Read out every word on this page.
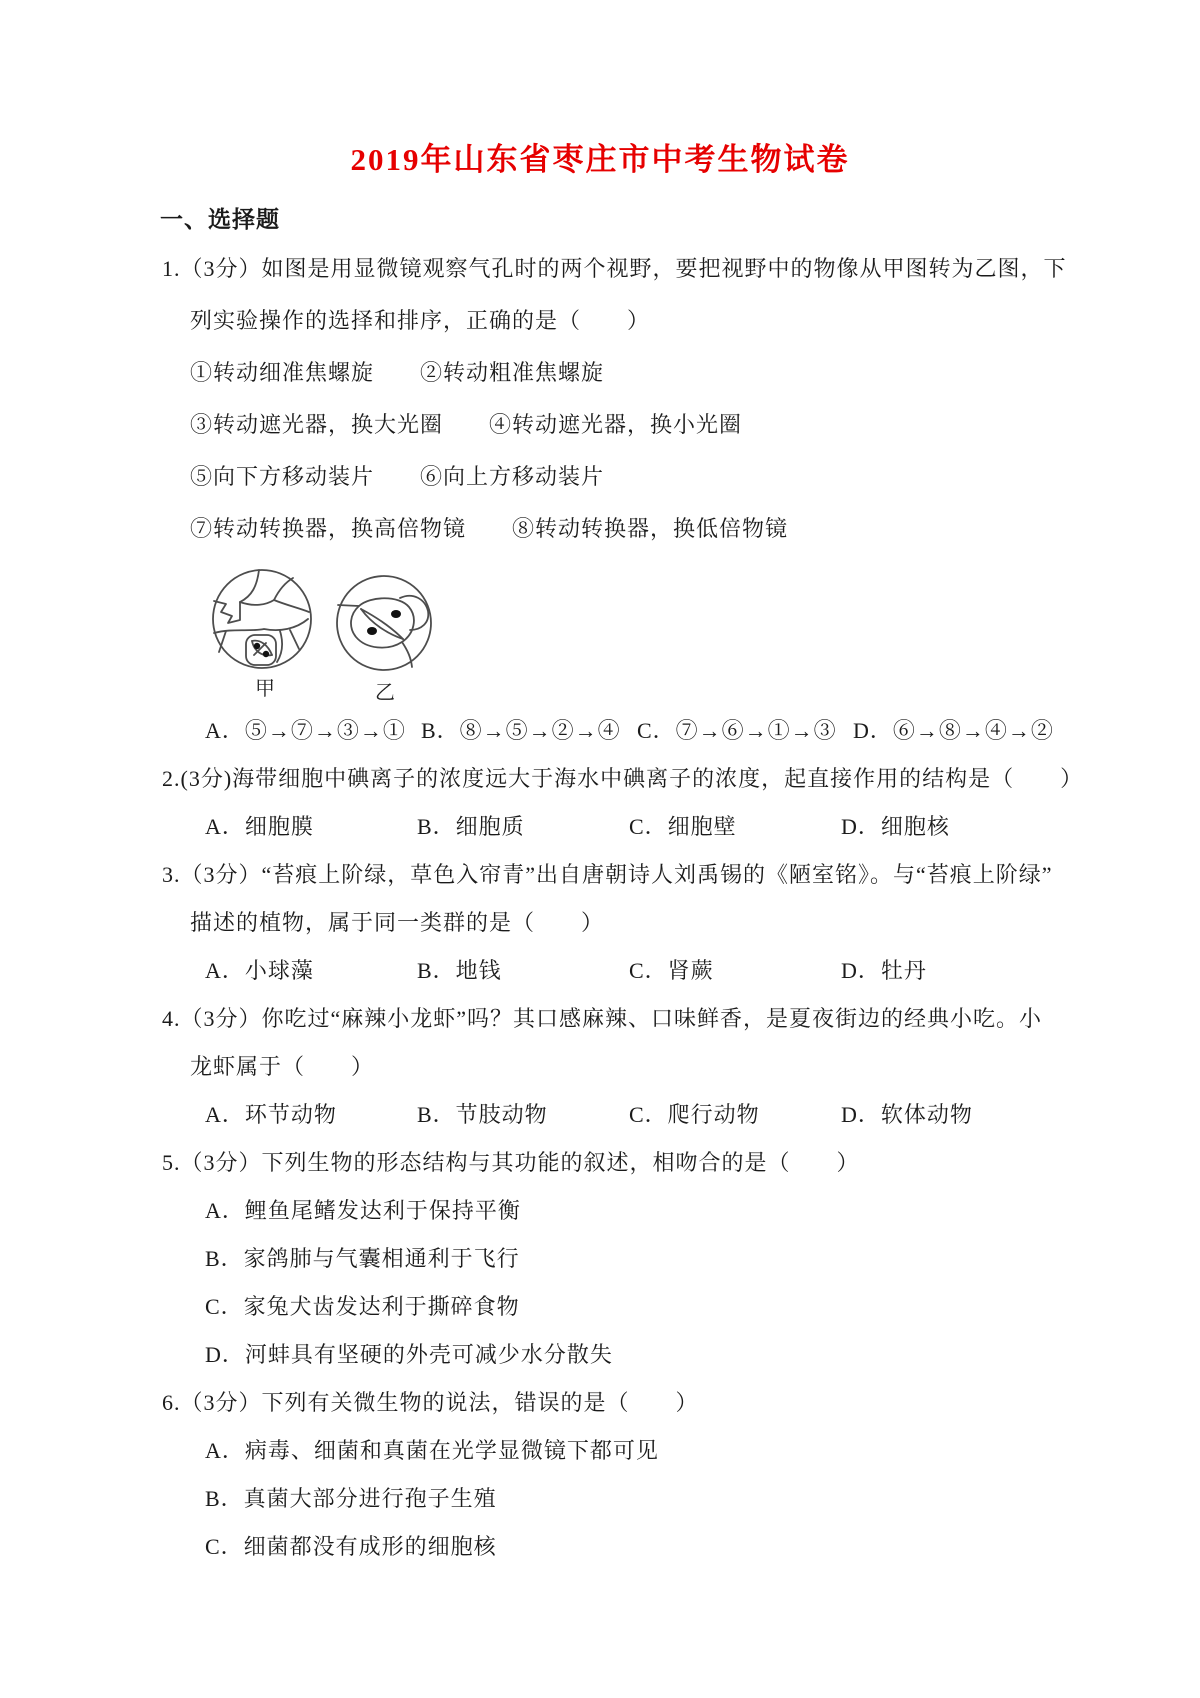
2019年山东省枣庄市中考生物试卷
一、选择题
1.（3分）如图是用显微镜观察气孔时的两个视野，要把视野中的物像从甲图转为乙图，下
列实验操作的选择和排序，正确的是（　　）
①转动细准焦螺旋　　②转动粗准焦螺旋
③转动遮光器，换大光圈　　④转动遮光器，换小光圈
⑤向下方移动装片　　⑥向上方移动装片
⑦转动转换器，换高倍物镜　　⑧转动转换器，换低倍物镜
甲	乙
A．⑤→⑦→③→① B．⑧→⑤→②→④ C．⑦→⑥→①→③ D．⑥→⑧→④→②
2.(3分)海带细胞中碘离子的浓度远大于海水中碘离子的浓度，起直接作用的结构是（　　）
A．细胞膜	B．细胞质	C．细胞壁	D．细胞核
3.（3分）“苔痕上阶绿，草色入帘青”出自唐朝诗人刘禹锡的《陋室铭》。与“苔痕上阶绿”
描述的植物，属于同一类群的是（　　）
A．小球藻	B．地钱	C．肾蕨	D．牡丹
4.（3分）你吃过“麻辣小龙虾”吗？其口感麻辣、口味鲜香，是夏夜街边的经典小吃。小
龙虾属于（　　）
A．环节动物	B．节肢动物	C．爬行动物	D．软体动物
5.（3分）下列生物的形态结构与其功能的叙述，相吻合的是（　　）
A．鲤鱼尾鳍发达利于保持平衡
B．家鸽肺与气囊相通利于飞行
C．家兔犬齿发达利于撕碎食物
D．河蚌具有坚硬的外壳可减少水分散失
6.（3分）下列有关微生物的说法，错误的是（　　）
A．病毒、细菌和真菌在光学显微镜下都可见
B．真菌大部分进行孢子生殖
C．细菌都没有成形的细胞核
